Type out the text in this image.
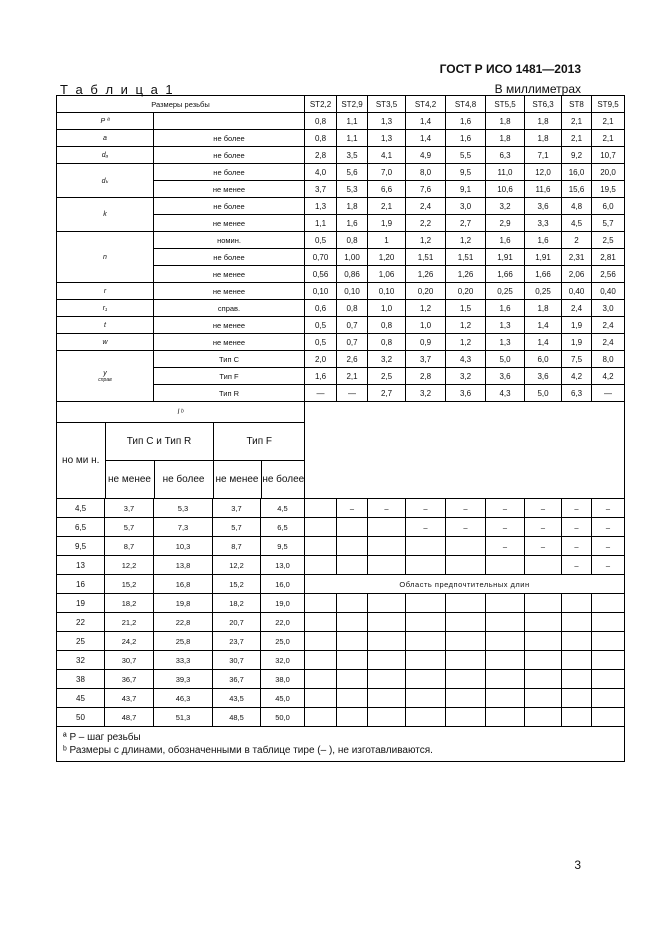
ГОСТ Р ИСО 1481—2013
Т а б л и ц а 1	В миллиметрах
Размеры резьбы	ST2,2	ST2,9	ST3,5	ST4,2	ST4,8	ST5,5	ST6,3	ST8	ST9,5
P ª		0,8	1,1	1,3	1,4	1,6	1,8	1,8	2,1	2,1
a	не более	0,8	1,1	1,3	1,4	1,6	1,8	1,8	2,1	2,1
dₐ	не более	2,8	3,5	4,1	4,9	5,5	6,3	7,1	9,2	10,7
dₖ	не более	4,0	5,6	7,0	8,0	9,5	11,0	12,0	16,0	20,0
не менее	3,7	5,3	6,6	7,6	9,1	10,6	11,6	15,6	19,5
k	не более	1,3	1,8	2,1	2,4	3,0	3,2	3,6	4,8	6,0
не менее	1,1	1,6	1,9	2,2	2,7	2,9	3,3	4,5	5,7
n	номин.	0,5	0,8	1	1,2	1,2	1,6	1,6	2	2,5
не более	0,70	1,00	1,20	1,51	1,51	1,91	1,91	2,31	2,81
не менее	0,56	0,86	1,06	1,26	1,26	1,66	1,66	2,06	2,56
r	не менее	0,10	0,10	0,10	0,20	0,20	0,25	0,25	0,40	0,40
r₁	справ.	0,6	0,8	1,0	1,2	1,5	1,6	1,8	2,4	3,0
t	не менее	0,5	0,7	0,8	1,0	1,2	1,3	1,4	1,9	2,4
w	не менее	0,5	0,7	0,8	0,9	1,2	1,3	1,4	1,9	2,4

y
справ
	Тип C	2,0	2,6	3,2	3,7	4,3	5,0	6,0	7,5	8,0
Тип F	1,6	2,1	2,5	2,8	3,2	3,6	3,6	4,2	4,2
Тип R	—	—	2,7	3,2	3,6	4,3	5,0	6,3	—
l ᵇ	

но ми н.	Тип C и Тип R	Тип F
не менее	не более	не менее	не более

4,5	3,7	5,3	3,7	4,5		–	–	–	–	–	–	–	–
6,5	5,7	7,3	5,7	6,5				–	–	–	–	–	–
9,5	8,7	10,3	8,7	9,5						–	–	–	–
13	12,2	13,8	12,2	13,0								–	–
16	15,2	16,8	15,2	16,0	Область предпочтительных длин
19	18,2	19,8	18,2	19,0									
22	21,2	22,8	20,7	22,0									
25	24,2	25,8	23,7	25,0									
32	30,7	33,3	30,7	32,0									
38	36,7	39,3	36,7	38,0									
45	43,7	46,3	43,5	45,0									
50	48,7	51,3	48,5	50,0									

ª P – шаг резьбы
ᵇ Размеры с длинами, обозначенными в таблице тире (– ), не изготавливаются.
3
